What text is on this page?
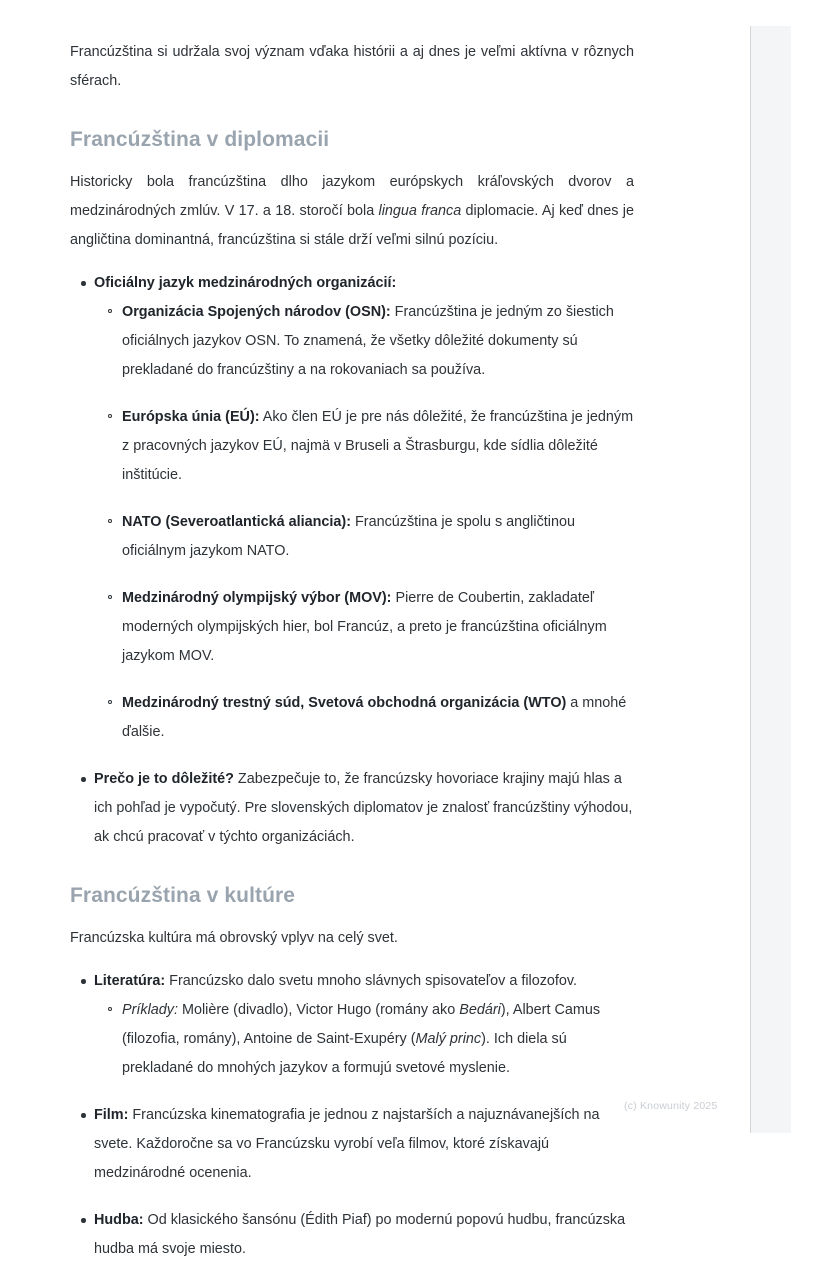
Francúzština si udržala svoj význam vďaka histórii a aj dnes je veľmi aktívna v rôznych sférach.

Francúzština v diplomacii

Historicky bola francúzština dlho jazykom európskych kráľovských dvorov a medzinárodných zmlúv. V 17. a 18. storočí bola lingua franca diplomacie. Aj keď dnes je angličtina dominantná, francúzština si stále drží veľmi silnú pozíciu.

Oficiálny jazyk medzinárodných organizácií:
Organizácia Spojených národov (OSN): Francúzština je jedným zo šiestich oficiálnych jazykov OSN. To znamená, že všetky dôležité dokumenty sú prekladané do francúzštiny a na rokovaniach sa používa.
Európska únia (EÚ): Ako člen EÚ je pre nás dôležité, že francúzština je jedným z pracovných jazykov EÚ, najmä v Bruseli a Štrasburgu, kde sídlia dôležité inštitúcie.
NATO (Severoatlantická aliancia): Francúzština je spolu s angličtinou oficiálnym jazykom NATO.
Medzinárodný olympijský výbor (MOV): Pierre de Coubertin, zakladateľ moderných olympijských hier, bol Francúz, a preto je francúzština oficiálnym jazykom MOV.
Medzinárodný trestný súd, Svetová obchodná organizácia (WTO) a mnohé ďalšie.
Prečo je to dôležité? Zabezpečuje to, že francúzsky hovoriace krajiny majú hlas a ich pohľad je vypočutý. Pre slovenských diplomatov je znalosť francúzštiny výhodou, ak chcú pracovať v týchto organizáciách.
Francúzština v kultúre

Francúzska kultúra má obrovský vplyv na celý svet.

Literatúra: Francúzsko dalo svetu mnoho slávnych spisovateľov a filozofov.
Príklady: Molière (divadlo), Victor Hugo (romány ako Bedári), Albert Camus (filozofia, romány), Antoine de Saint-Exupéry (Malý princ). Ich diela sú prekladané do mnohých jazykov a formujú svetové myslenie.
Film: Francúzska kinematografia je jednou z najstarších a najuznávanejších na svete. Každoročne sa vo Francúzsku vyrobí veľa filmov, ktoré získavajú medzinárodné ocenenia.
Hudba: Od klasického šansónu (Édith Piaf) po modernú popovú hudbu, francúzska hudba má svoje miesto.
(c) Knowunity 2025
